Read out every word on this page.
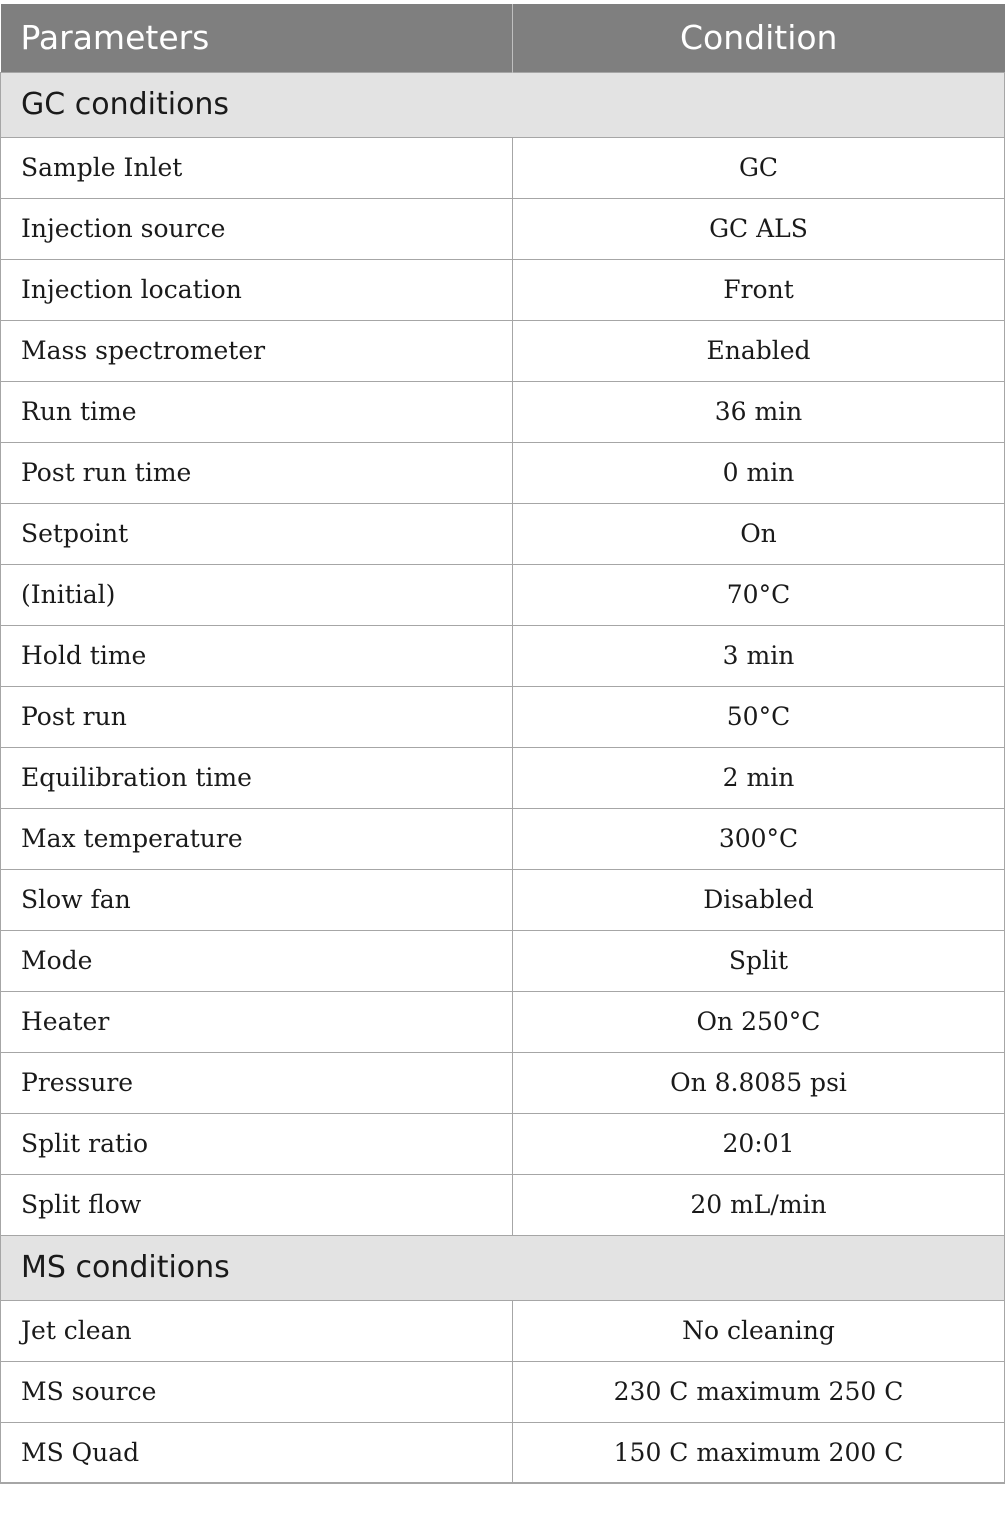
Parameters	Condition
GC conditions	
Sample Inlet	GC
Injection source	GC ALS
Injection location	Front
Mass spectrometer	Enabled
Run time	36 min
Post run time	0 min
Setpoint	On
(Initial)	70°C
Hold time	3 min
Post run	50°C
Equilibration time	2 min
Max temperature	300°C
Slow fan	Disabled
Mode	Split
Heater	On 250°C
Pressure	On 8.8085 psi
Split ratio	20:01
Split flow	20 mL/min
MS conditions	
Jet clean	No cleaning
MS source	230 C maximum 250 C
MS Quad	150 C maximum 200 C
